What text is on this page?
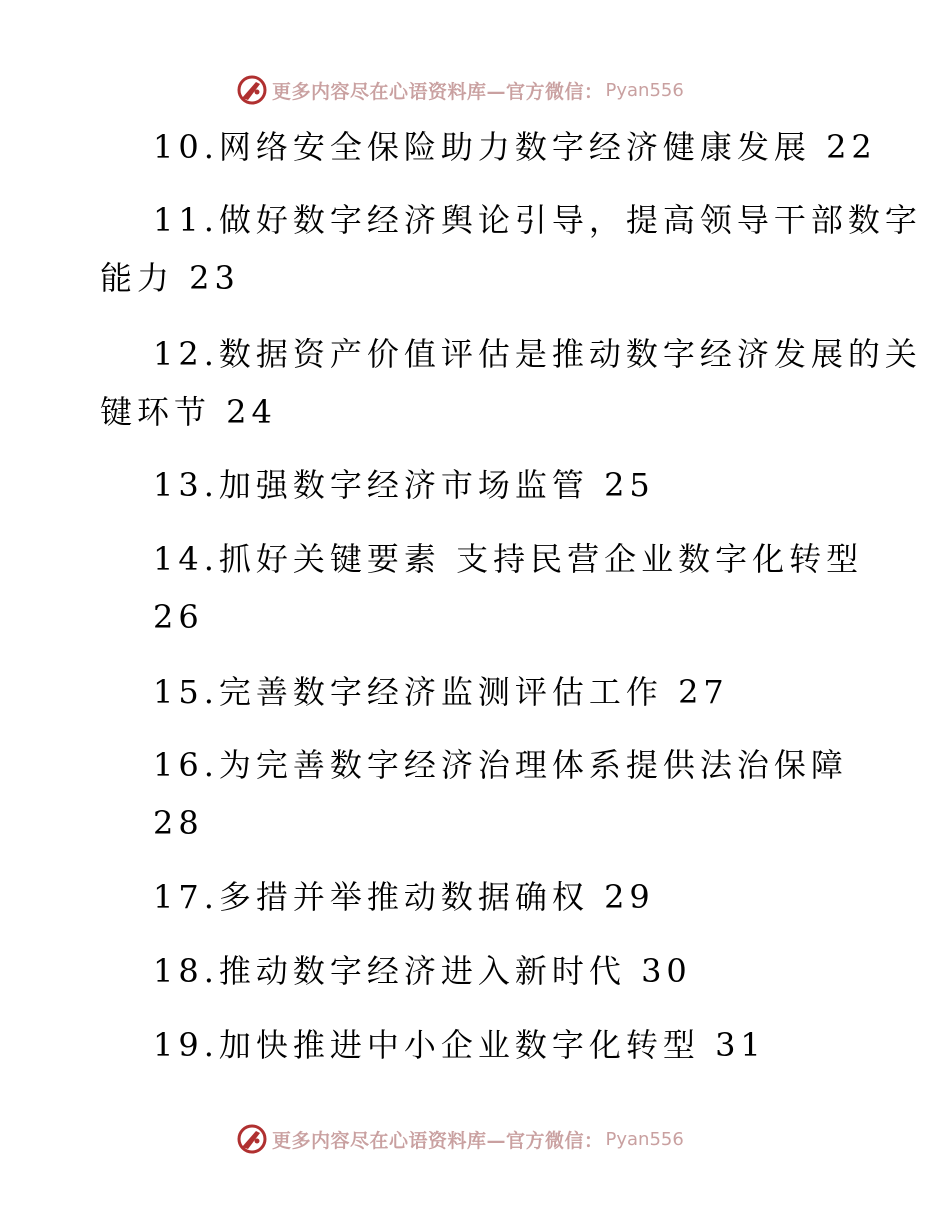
更多内容尽在心语资料库—官方微信： Pyan556
10.网络安全保险助力数字经济健康发展 22
11.做好数字经济舆论引导，提高领导干部数字
能力 23
12.数据资产价值评估是推动数字经济发展的关
键环节 24
13.加强数字经济市场监管 25
14.抓好关键要素 支持民营企业数字化转型
26
15.完善数字经济监测评估工作 27
16.为完善数字经济治理体系提供法治保障
28
17.多措并举推动数据确权 29
18.推动数字经济进入新时代 30
19.加快推进中小企业数字化转型 31
更多内容尽在心语资料库—官方微信： Pyan556
